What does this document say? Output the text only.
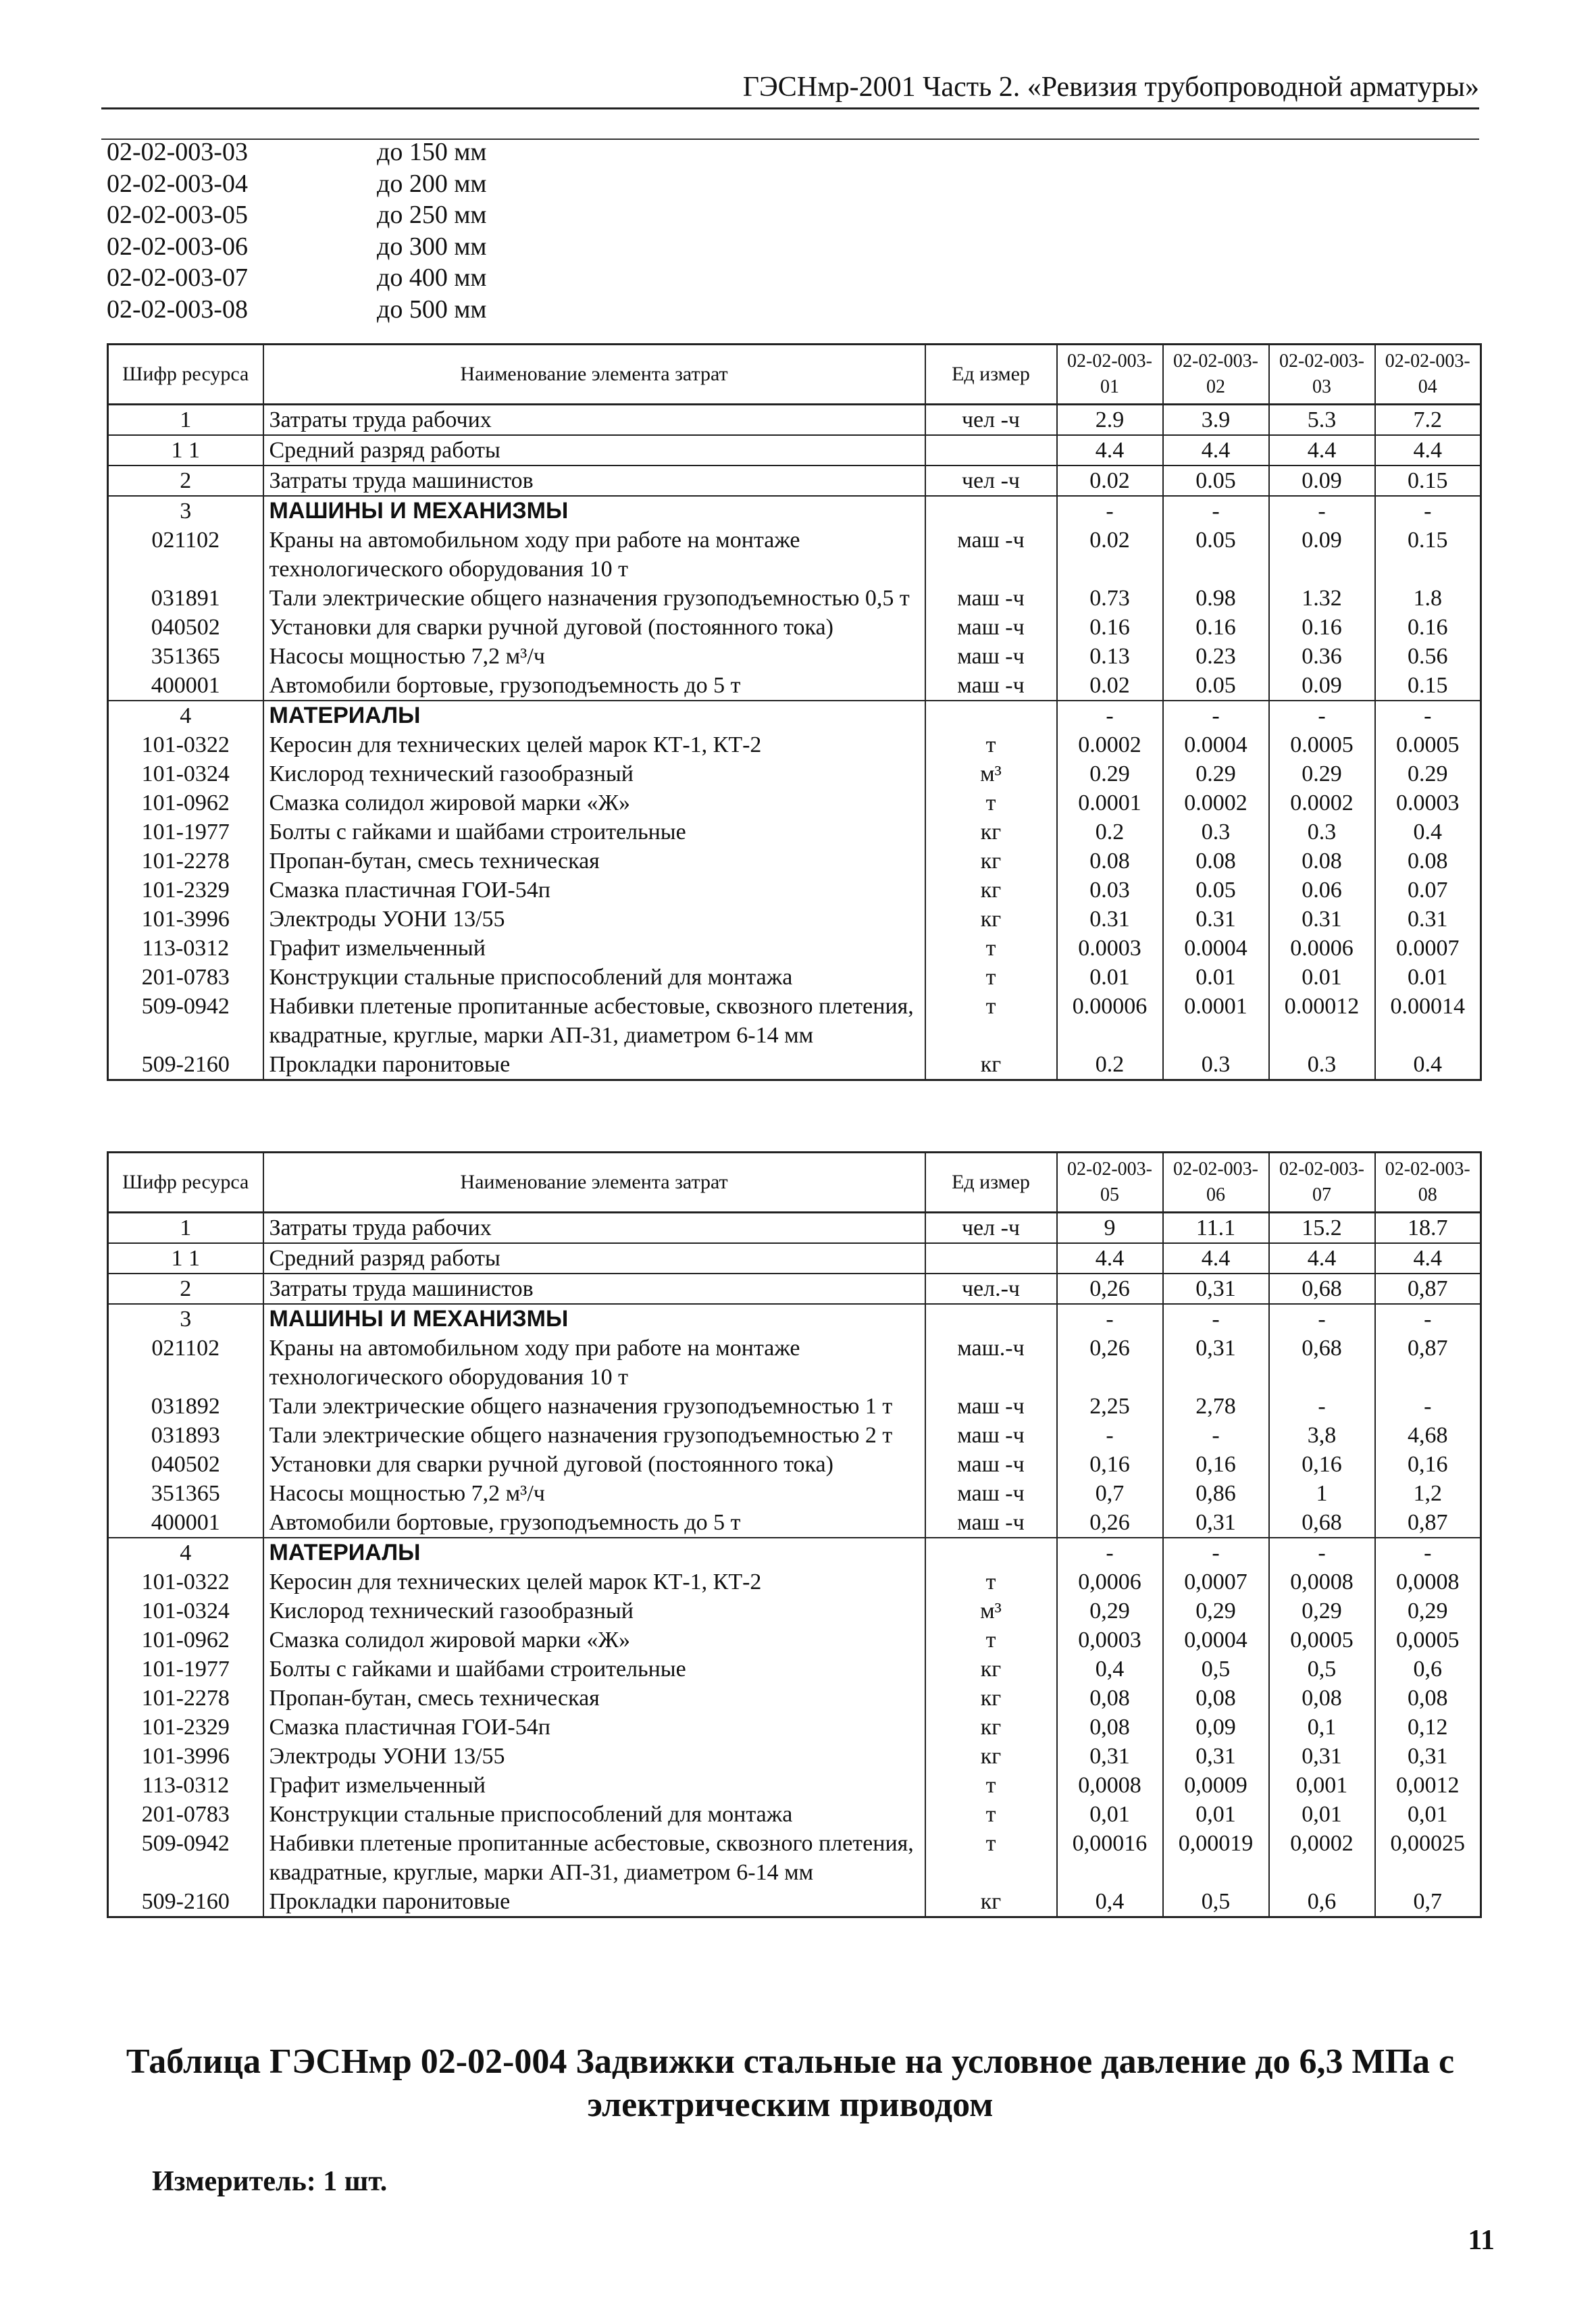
ГЭСНмр-2001 Часть 2. «Ревизия трубопроводной арматуры»
02-02-003-03	до 150 мм
02-02-003-04	до 200 мм
02-02-003-05	до 250 мм
02-02-003-06	до 300 мм
02-02-003-07	до 400 мм
02-02-003-08	до 500 мм
Шифр ресурса	Наименование элемента затрат	Ед измер	02-02-003-01	02-02-003-02	02-02-003-03	02-02-003-04
1	Затраты труда рабочих	чел -ч	2.9	3.9	5.3	7.2
1 1	Средний разряд работы		4.4	4.4	4.4	4.4
2	Затраты труда машинистов	чел -ч	0.02	0.05	0.09	0.15
3	МАШИНЫ И МЕХАНИЗМЫ		-	-	-	-
021102	Краны на автомобильном ходу при работе на монтаже технологического оборудования 10 т	маш -ч	0.02	0.05	0.09	0.15
031891	Тали электрические общего назначения грузоподъемностью 0,5 т	маш -ч	0.73	0.98	1.32	1.8
040502	Установки для сварки ручной дуговой (постоянного тока)	маш -ч	0.16	0.16	0.16	0.16
351365	Насосы мощностью 7,2 м³/ч	маш -ч	0.13	0.23	0.36	0.56
400001	Автомобили бортовые, грузоподъемность до 5 т	маш -ч	0.02	0.05	0.09	0.15
4	МАТЕРИАЛЫ		-	-	-	-
101-0322	Керосин для технических целей марок КТ-1, КТ-2	т	0.0002	0.0004	0.0005	0.0005
101-0324	Кислород технический газообразный	м³	0.29	0.29	0.29	0.29
101-0962	Смазка солидол жировой марки «Ж»	т	0.0001	0.0002	0.0002	0.0003
101-1977	Болты с гайками и шайбами строительные	кг	0.2	0.3	0.3	0.4
101-2278	Пропан-бутан, смесь техническая	кг	0.08	0.08	0.08	0.08
101-2329	Смазка пластичная ГОИ-54п	кг	0.03	0.05	0.06	0.07
101-3996	Электроды УОНИ 13/55	кг	0.31	0.31	0.31	0.31
113-0312	Графит измельченный	т	0.0003	0.0004	0.0006	0.0007
201-0783	Конструкции стальные приспособлений для монтажа	т	0.01	0.01	0.01	0.01
509-0942	Набивки плетеные пропитанные асбестовые, сквозного плетения, квадратные, круглые, марки АП-31, диаметром 6-14 мм	т	0.00006	0.0001	0.00012	0.00014
509-2160	Прокладки паронитовые	кг	0.2	0.3	0.3	0.4
Шифр ресурса	Наименование элемента затрат	Ед измер	02-02-003-05	02-02-003-06	02-02-003-07	02-02-003-08
1	Затраты труда рабочих	чел -ч	9	11.1	15.2	18.7
1 1	Средний разряд работы		4.4	4.4	4.4	4.4
2	Затраты труда машинистов	чел.-ч	0,26	0,31	0,68	0,87
3	МАШИНЫ И МЕХАНИЗМЫ		-	-	-	-
021102	Краны на автомобильном ходу при работе на монтаже технологического оборудования 10 т	маш.-ч	0,26	0,31	0,68	0,87
031892	Тали электрические общего назначения грузоподъемностью 1 т	маш -ч	2,25	2,78	-	-
031893	Тали электрические общего назначения грузоподъемностью 2 т	маш -ч	-	-	3,8	4,68
040502	Установки для сварки ручной дуговой (постоянного тока)	маш -ч	0,16	0,16	0,16	0,16
351365	Насосы мощностью 7,2 м³/ч	маш -ч	0,7	0,86	1	1,2
400001	Автомобили бортовые, грузоподъемность до 5 т	маш -ч	0,26	0,31	0,68	0,87
4	МАТЕРИАЛЫ		-	-	-	-
101-0322	Керосин для технических целей марок КТ-1, КТ-2	т	0,0006	0,0007	0,0008	0,0008
101-0324	Кислород технический газообразный	м³	0,29	0,29	0,29	0,29
101-0962	Смазка солидол жировой марки «Ж»	т	0,0003	0,0004	0,0005	0,0005
101-1977	Болты с гайками и шайбами строительные	кг	0,4	0,5	0,5	0,6
101-2278	Пропан-бутан, смесь техническая	кг	0,08	0,08	0,08	0,08
101-2329	Смазка пластичная ГОИ-54п	кг	0,08	0,09	0,1	0,12
101-3996	Электроды УОНИ 13/55	кг	0,31	0,31	0,31	0,31
113-0312	Графит измельченный	т	0,0008	0,0009	0,001	0,0012
201-0783	Конструкции стальные приспособлений для монтажа	т	0,01	0,01	0,01	0,01
509-0942	Набивки плетеные пропитанные асбестовые, сквозного плетения, квадратные, круглые, марки АП-31, диаметром 6-14 мм	т	0,00016	0,00019	0,0002	0,00025
509-2160	Прокладки паронитовые	кг	0,4	0,5	0,6	0,7
Таблица ГЭСНмр 02-02-004 Задвижки стальные на условное давление до 6,3 МПа с электрическим приводом
Измеритель: 1 шт.
11
